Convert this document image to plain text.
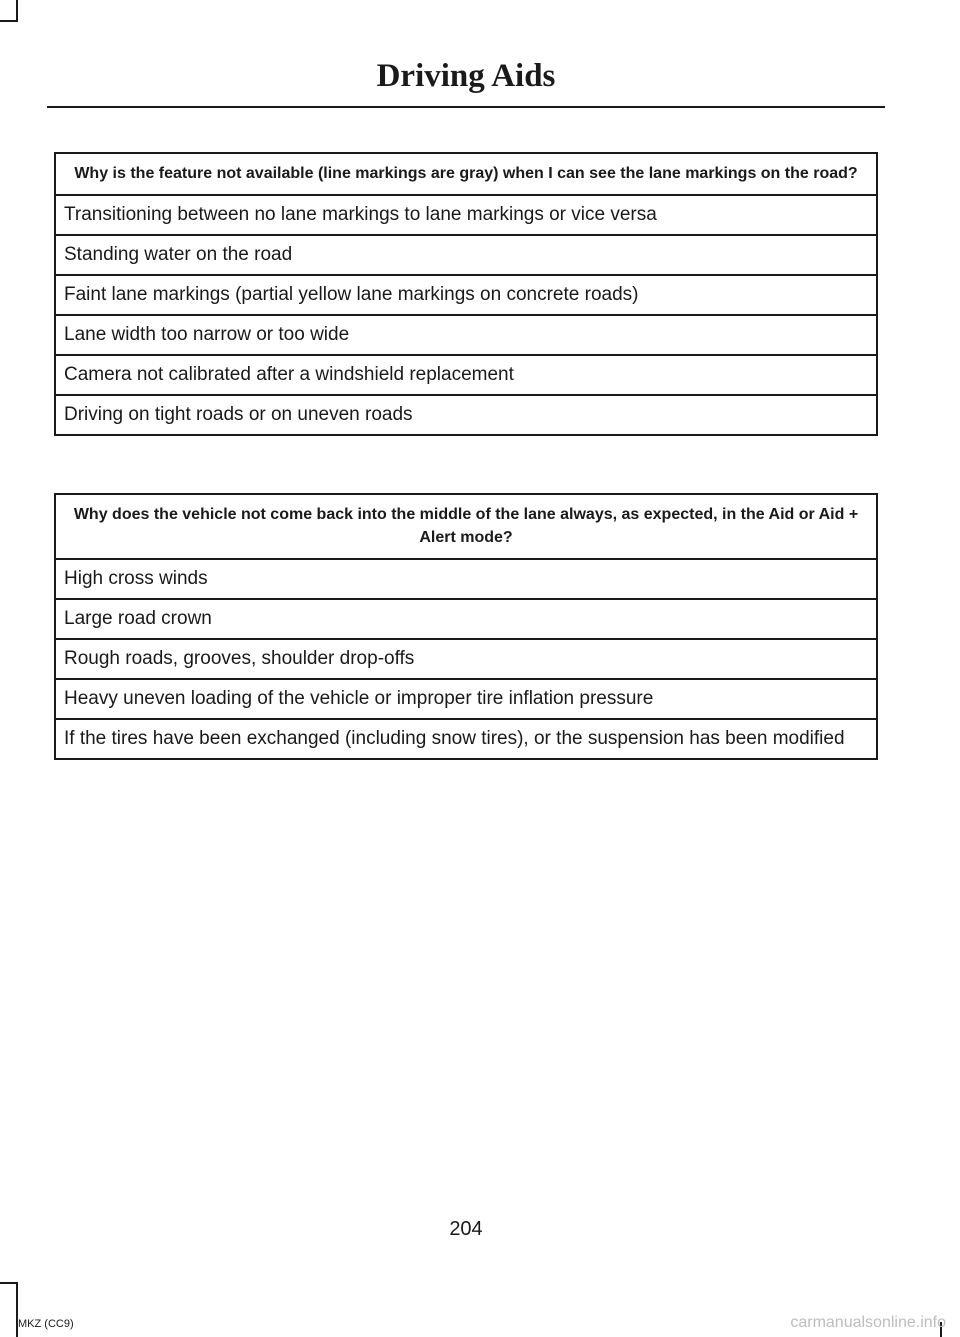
Driving Aids
Why is the feature not available (line markings are gray) when I can see the lane markings on the road?
Transitioning between no lane markings to lane markings or vice versa
Standing water on the road
Faint lane markings (partial yellow lane markings on concrete roads)
Lane width too narrow or too wide
Camera not calibrated after a windshield replacement
Driving on tight roads or on uneven roads
Why does the vehicle not come back into the middle of the lane always, as expected, in the Aid or Aid + Alert mode?
High cross winds
Large road crown
Rough roads, grooves, shoulder drop-offs
Heavy uneven loading of the vehicle or improper tire inflation pressure
If the tires have been exchanged (including snow tires), or the suspension has been modified
204
MKZ (CC9)	carmanualsonline.info
